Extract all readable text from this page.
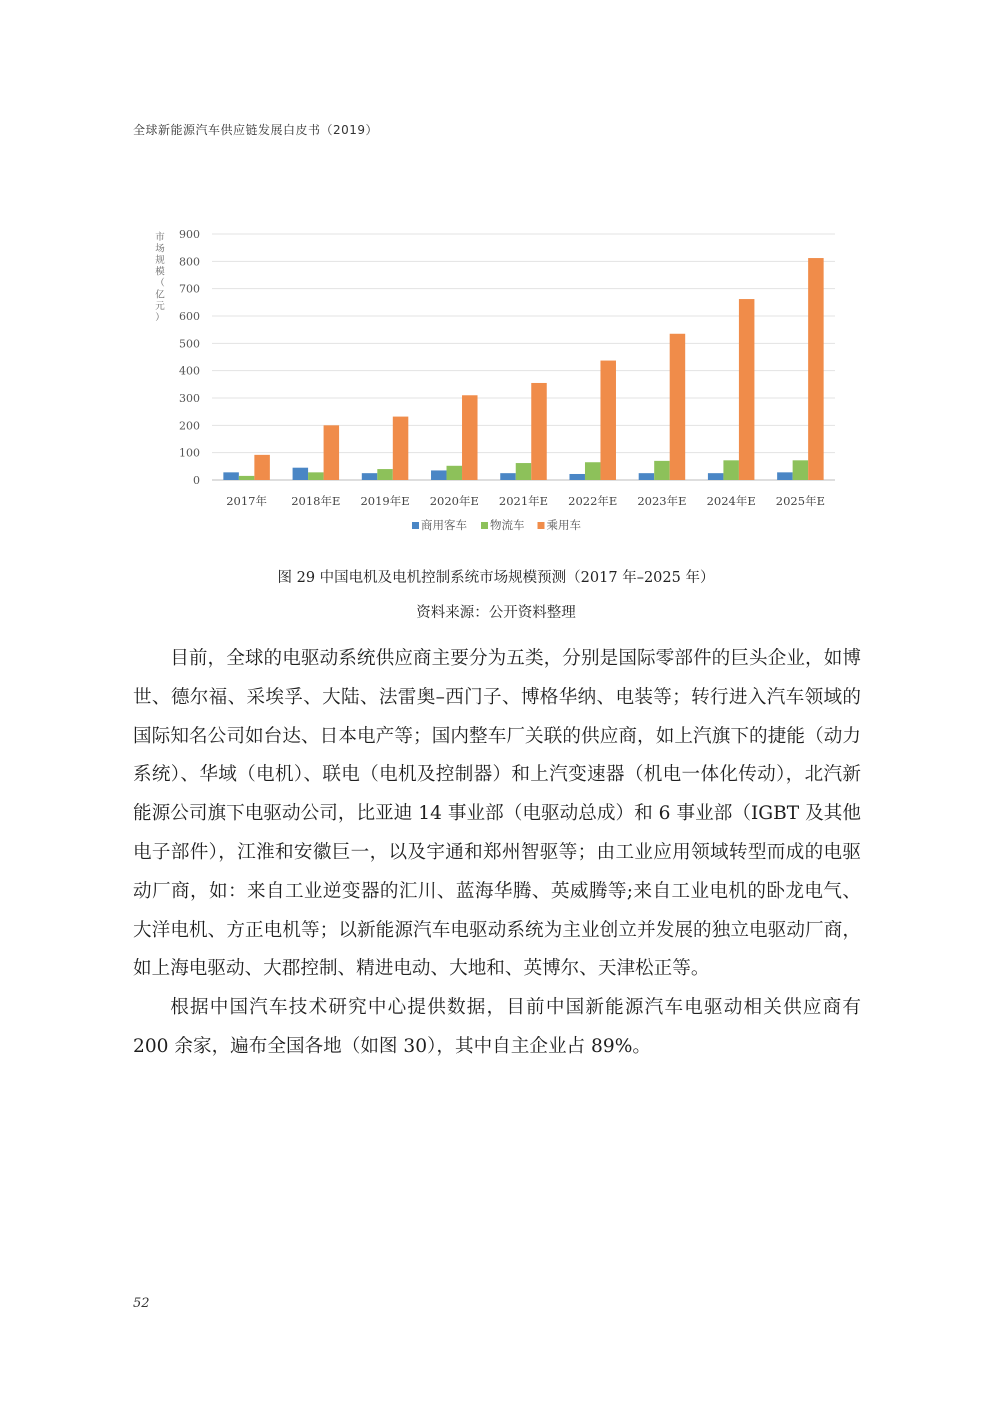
全球新能源汽车供应链发展白皮书（2019）
0
100
200
300
400
500
600
700
800
900
市
场
规
模
（
亿
元
）
2017年 2018年E 2019年E 2020年E 2021年E 2022年E 2023年E 2024年E 2025年E
商用客车 物流车 乘用车
图 29 中国电机及电机控制系统市场规模预测（2017 年–2025 年）
资料来源：公开资料整理

目前，全球的电驱动系统供应商主要分为五类，分别是国际零部件的巨头企业，如博世、德尔福、采埃孚、大陆、法雷奥–西门子、博格华纳、电装等；转行进入汽车领域的国际知名公司如台达、日本电产等；国内整车厂关联的供应商，如上汽旗下的捷能（动力系统）、华域（电机）、联电（电机及控制器）和上汽变速器（机电一体化传动），北汽新能源公司旗下电驱动公司，比亚迪 14 事业部（电驱动总成）和 6 事业部（IGBT 及其他电子部件），江淮和安徽巨一，以及宇通和郑州智驱等；由工业应用领域转型而成的电驱动厂商，如：来自工业逆变器的汇川、蓝海华腾、英威腾等;来自工业电机的卧龙电气、大洋电机、方正电机等；以新能源汽车电驱动系统为主业创立并发展的独立电驱动厂商，如上海电驱动、大郡控制、精进电动、大地和、英博尔、天津松正等。

根据中国汽车技术研究中心提供数据，目前中国新能源汽车电驱动相关供应商有 200 余家，遍布全国各地（如图 30），其中自主企业占 89%。

52
